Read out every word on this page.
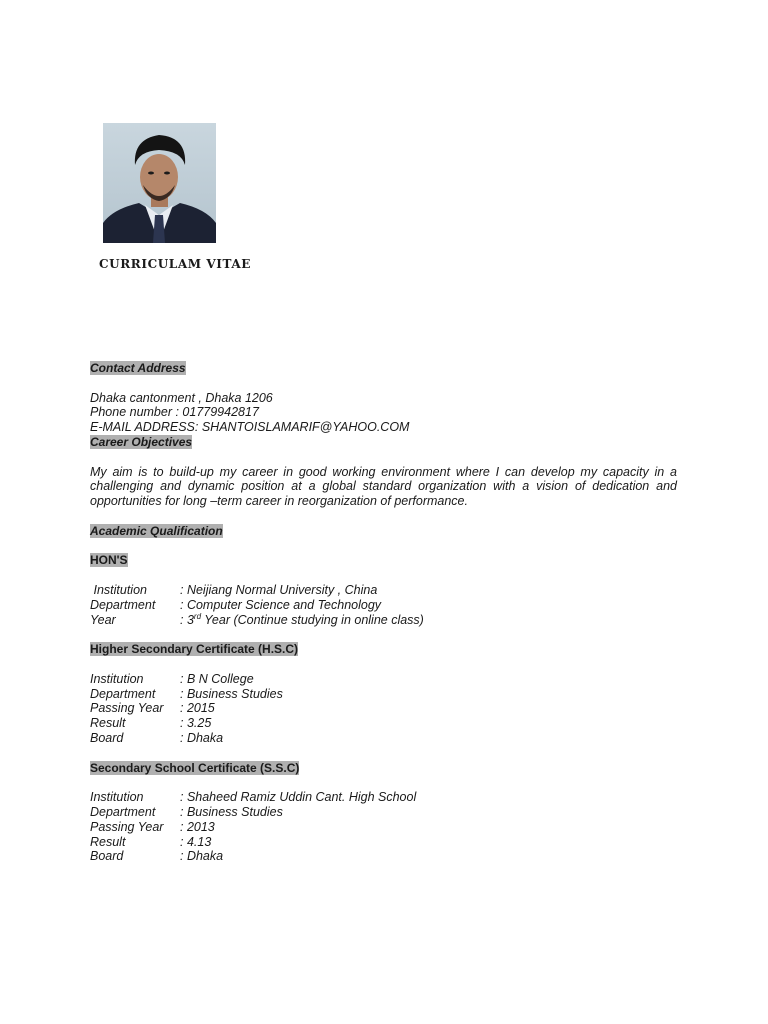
CURRICULAM VITAE
Contact Address
Dhaka cantonment , Dhaka 1206
Phone number : 01779942817
E-MAIL ADDRESS: SHANTOISLAMARIF@YAHOO.COM
Career Objectives

My aim is to build-up my career in good working environment where I can develop my capacity in a challenging and dynamic position at a global standard organization with a vision of dedication and opportunities for long –term career in reorganization of performance.

Academic Qualification
HON'S
Institution	: Neijiang Normal University , China
Department	: Computer Science and Technology
Year	: 3rd Year (Continue studying in online class)
Higher Secondary Certificate (H.S.C)
Institution	: B N College
Department	: Business Studies
Passing Year	: 2015
Result	: 3.25
Board	: Dhaka
Secondary School Certificate (S.S.C)
Institution	: Shaheed Ramiz Uddin Cant. High School
Department	: Business Studies
Passing Year	: 2013
Result	: 4.13
Board	: Dhaka
